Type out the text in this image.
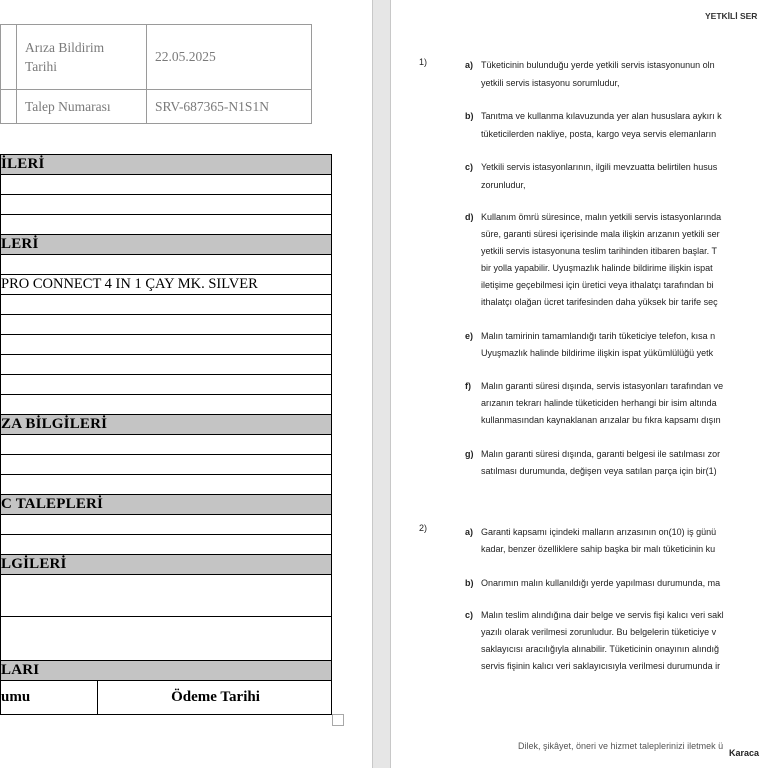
	Arıza Bildirim Tarihi	22.05.2025
	Talep Numarası	SRV-687365-N1S1N
İLERİ
LERİ
PRO CONNECT 4 IN 1 ÇAY MK. SILVER
ZA BİLGİLERİ
C TALEPLERİ
LGİLERİ
LARI
umu	Ödeme Tarihi
YETKİLİ SER
1)	a) Tüketicinin bulunduğu yerde yetkili servis istasyonunun oln
yetkili servis istasyonu sorumludur,
b) Tanıtma ve kullanma kılavuzunda yer alan hususlara aykırı k
tüketicilerden nakliye, posta, kargo veya servis elemanların
c) Yetkili servis istasyonlarının, ilgili mevzuatta belirtilen husus
zorunludur,
d) Kullanım ömrü süresince, malın yetkili servis istasyonlarında
süre, garanti süresi içerisinde mala ilişkin arızanın yetkili ser
yetkili servis istasyonuna teslim tarihinden itibaren başlar. T
bir yolla yapabilir. Uyuşmazlık halinde bildirime ilişkin ispat
iletişime geçebilmesi için üretici veya ithalatçı tarafından bi
ithalatçı olağan ücret tarifesinden daha yüksek bir tarife seç
e) Malın tamirinin tamamlandığı tarih tüketiciye telefon, kısa n
Uyuşmazlık halinde bildirime ilişkin ispat yükümlülüğü yetk
f) Malın garanti süresi dışında, servis istasyonları tarafından ve
arızanın tekrarı halinde tüketiciden herhangi bir isim altında
kullanmasından kaynaklanan arızalar bu fıkra kapsamı dışın
g) Malın garanti süresi dışında, garanti belgesi ile satılması zor
satılması durumunda, değişen veya satılan parça için bir(1)
2)	a) Garanti kapsamı içindeki malların arızasının on(10) iş günü
kadar, benzer özelliklere sahip başka bir malı tüketicinin ku
b) Onarımın malın kullanıldığı yerde yapılması durumunda, ma
c) Malın teslim alındığına dair belge ve servis fişi kalıcı veri sakl
yazılı olarak verilmesi zorunludur. Bu belgelerin tüketiciye v
saklayıcısı aracılığıyla alınabilir. Tüketicinin onayının alındığ
servis fişinin kalıcı veri saklayıcısıyla verilmesi durumunda ir
Dilek, şikâyet, öneri ve hizmet taleplerinizi iletmek ü
Karaca
